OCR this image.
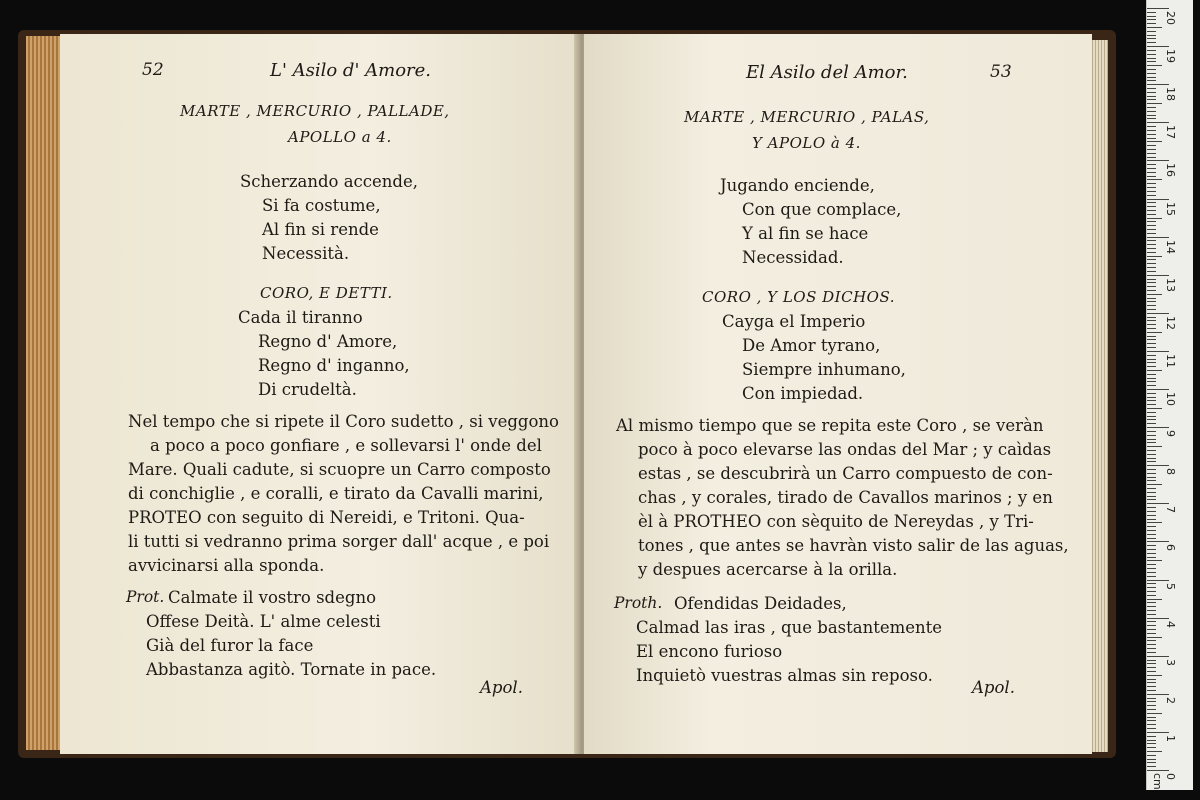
52	L' Asilo d' Amore.
MARTE , MERCURIO , PALLADE,
APOLLO a 4.
Scherzando accende,
Si fa costume,
Al fin si rende
Necessità.
CORO, E DETTI.
Cada il tiranno
Regno d' Amore,
Regno d' inganno,
Di crudeltà.
Nel tempo che si ripete il Coro sudetto , si veggono
a poco a poco gonfiare , e sollevarsi l' onde del
Mare. Quali cadute, si scuopre un Carro composto
di conchiglie , e coralli, e tirato da Cavalli marini,
PROTEO con seguito di Nereidi, e Tritoni. Qua-
li tutti si vedranno prima sorger dall' acque , e poi
avvicinarsi alla sponda.
Prot. Calmate il vostro sdegno
Offese Deità. L' alme celesti
Già del furor la face
Abbastanza agitò. Tornate in pace.
Apol.
El Asilo del Amor.	53
MARTE , MERCURIO , PALAS,
Y APOLO à 4.
Jugando enciende,
Con que complace,
Y al fin se hace
Necessidad.
CORO , Y LOS DICHOS.
Cayga el Imperio
De Amor tyrano,
Siempre inhumano,
Con impiedad.
Al mismo tiempo que se repita este Coro , se veràn
poco à poco elevarse las ondas del Mar ; y caìdas
estas , se descubrirà un Carro compuesto de con-
chas , y corales, tirado de Cavallos marinos ; y en
èl à PROTHEO con sèquito de Nereydas , y Tri-
tones , que antes se havràn visto salir de las aguas,
y despues acercarse à la orilla.
Proth. Ofendidas Deidades,
Calmad las iras , que bastantemente
El encono furioso
Inquietò vuestras almas sin reposo.
Apol.
20
19
18
17
16
15
14
13
12
11
10
9
8
7
6
5
4
3
2
1
0 cm
